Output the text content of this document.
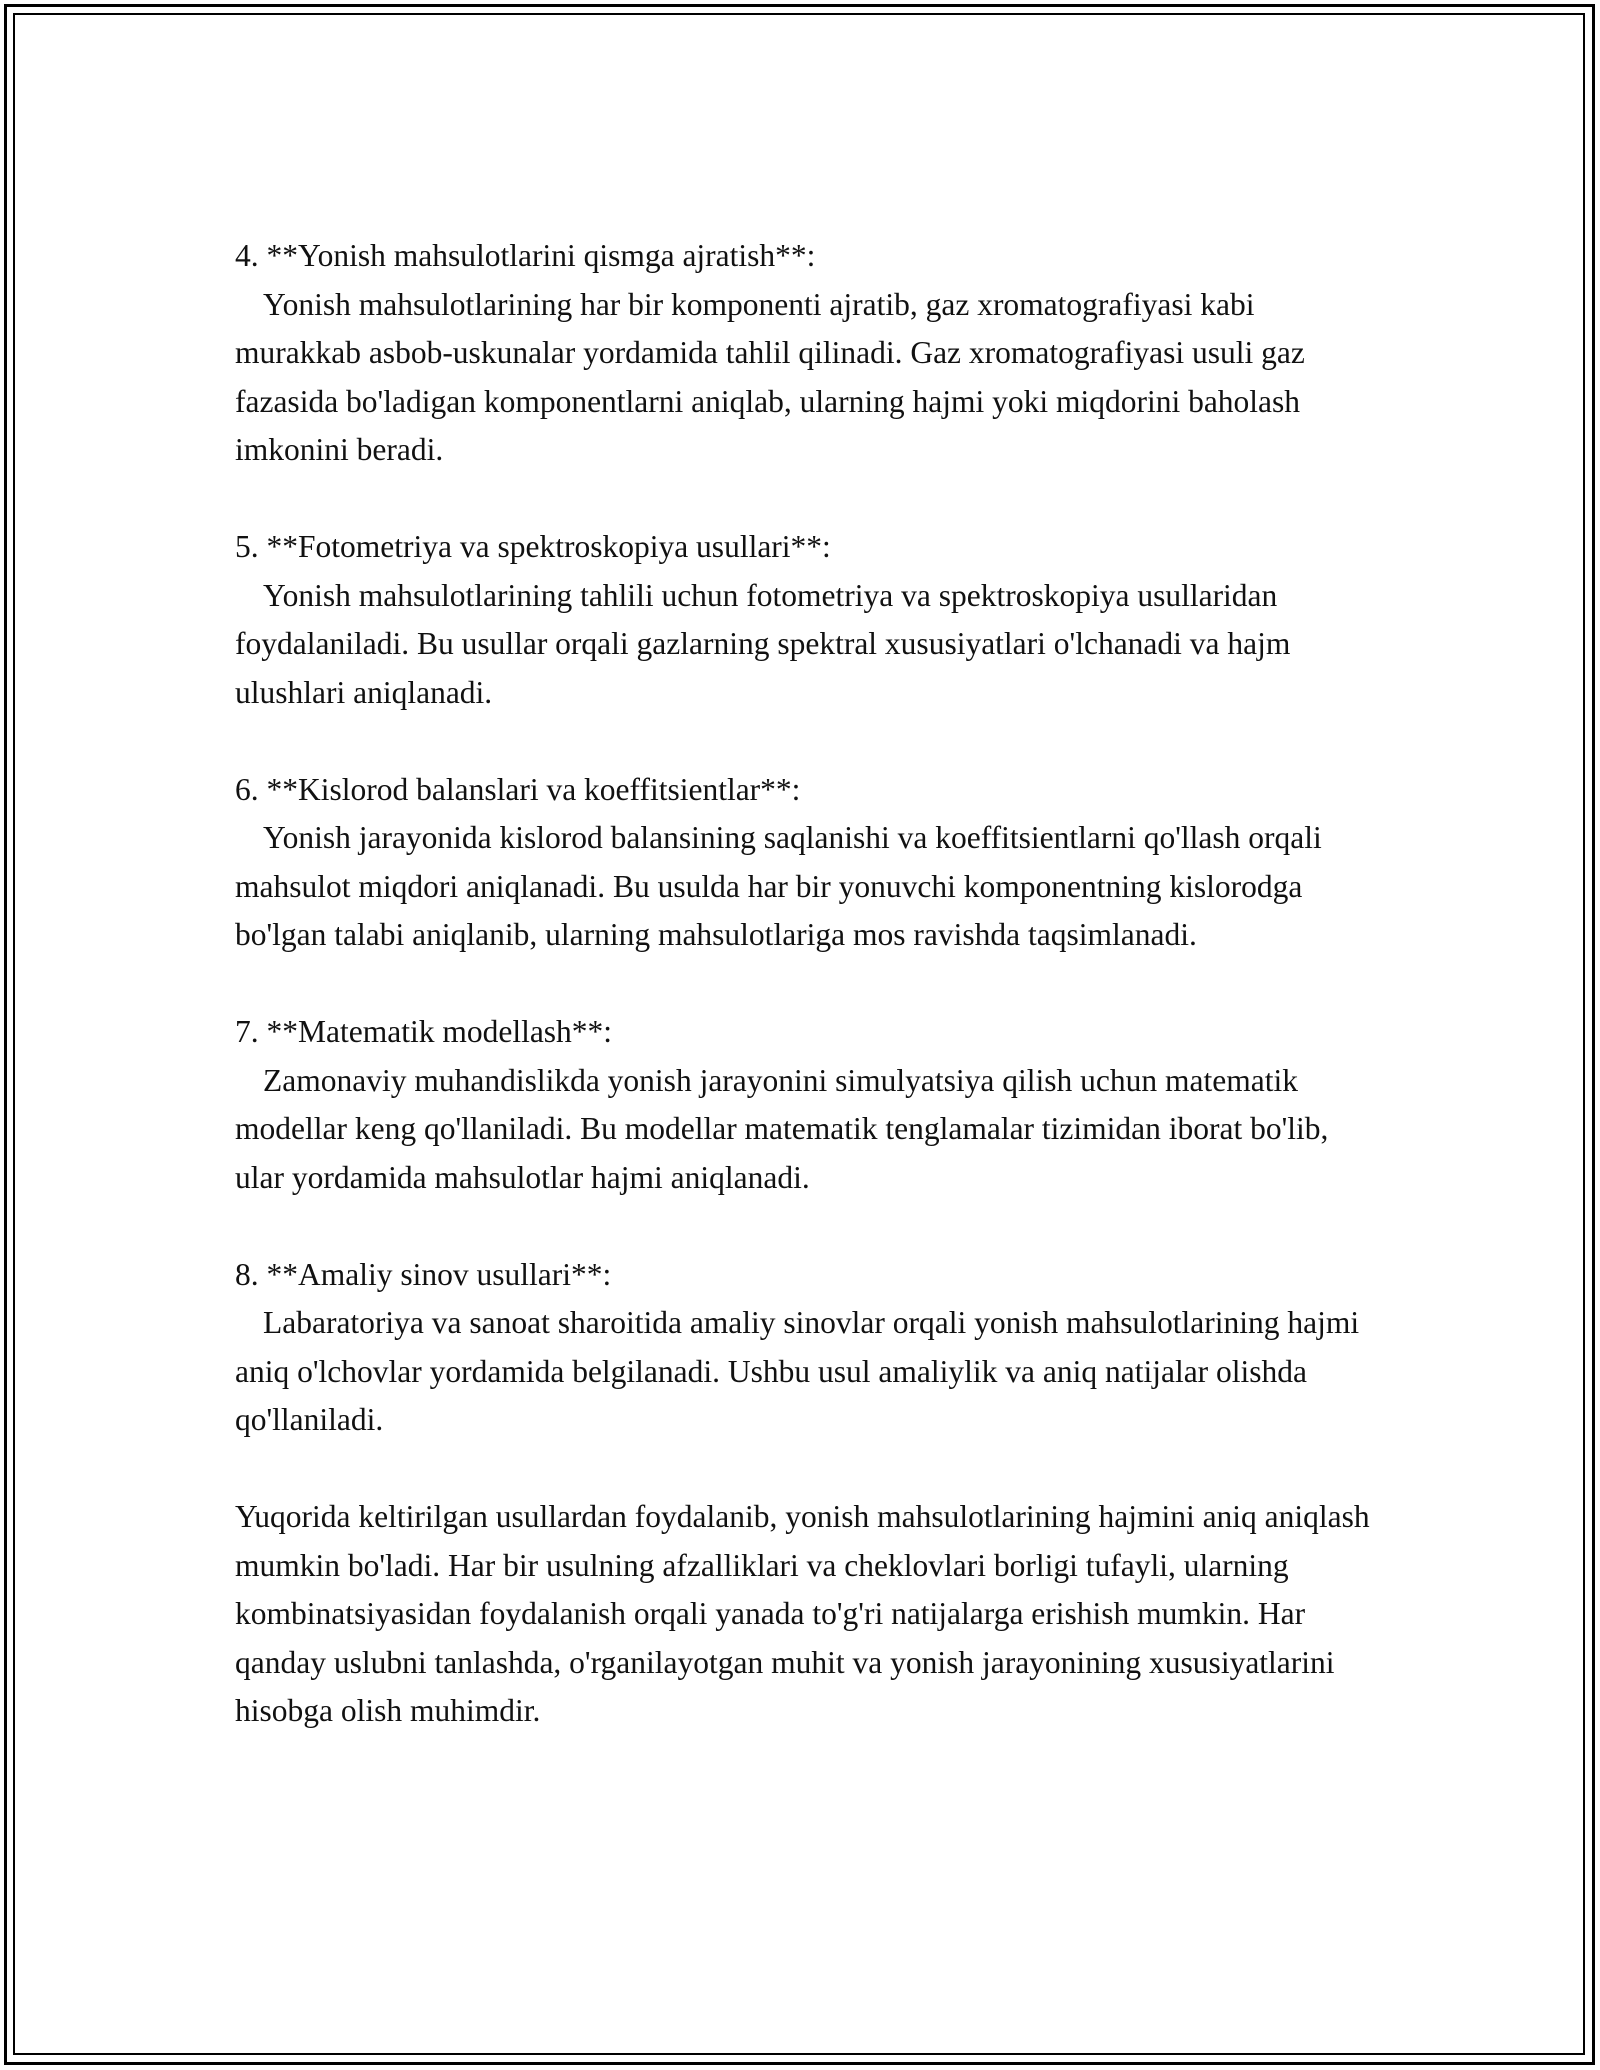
4. **Yonish mahsulotlarini qismga ajratish**:
Yonish mahsulotlarining har bir komponenti ajratib, gaz xromatografiyasi kabi murakkab asbob-uskunalar yordamida tahlil qilinadi. Gaz xromatografiyasi usuli gaz fazasida bo'ladigan komponentlarni aniqlab, ularning hajmi yoki miqdorini baholash imkonini beradi.
5. **Fotometriya va spektroskopiya usullari**:
Yonish mahsulotlarining tahlili uchun fotometriya va spektroskopiya usullaridan foydalaniladi. Bu usullar orqali gazlarning spektral xususiyatlari o'lchanadi va hajm ulushlari aniqlanadi.
6. **Kislorod balanslari va koeffitsientlar**:
Yonish jarayonida kislorod balansining saqlanishi va koeffitsientlarni qo'llash orqali mahsulot miqdori aniqlanadi. Bu usulda har bir yonuvchi komponentning kislorodga bo'lgan talabi aniqlanib, ularning mahsulotlariga mos ravishda taqsimlanadi.
7. **Matematik modellash**:
Zamonaviy muhandislikda yonish jarayonini simulyatsiya qilish uchun matematik modellar keng qo'llaniladi. Bu modellar matematik tenglamalar tizimidan iborat bo'lib, ular yordamida mahsulotlar hajmi aniqlanadi.
8. **Amaliy sinov usullari**:
Labaratoriya va sanoat sharoitida amaliy sinovlar orqali yonish mahsulotlarining hajmi aniq o'lchovlar yordamida belgilanadi. Ushbu usul amaliylik va aniq natijalar olishda qo'llaniladi.

Yuqorida keltirilgan usullardan foydalanib, yonish mahsulotlarining hajmini aniq aniqlash mumkin bo'ladi. Har bir usulning afzalliklari va cheklovlari borligi tufayli, ularning kombinatsiyasidan foydalanish orqali yanada to'g'ri natijalarga erishish mumkin. Har qanday uslubni tanlashda, o'rganilayotgan muhit va yonish jarayonining xususiyatlarini hisobga olish muhimdir.
